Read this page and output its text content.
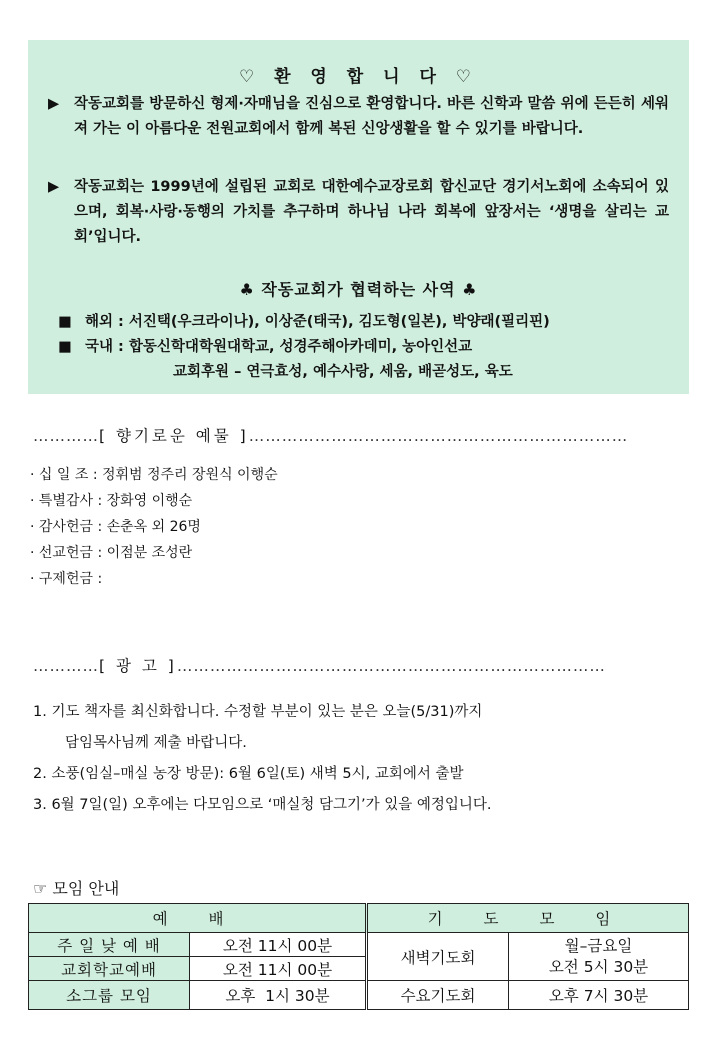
♡ 환 영 합 니 다 ♡
▶	작동교회를 방문하신 형제·자매님을 진심으로 환영합니다. 바른 신학과 말씀 위에 든든히 세워져 가는 이 아름다운 전원교회에서 함께 복된 신앙생활을 할 수 있기를 바랍니다.
▶	작동교회는 1999년에 설립된 교회로 대한예수교장로회 합신교단 경기서노회에 소속되어 있으며, 회복·사랑·동행의 가치를 추구하며 하나님 나라 회복에 앞장서는 ‘생명을 살리는 교회’입니다.
♣ 작동교회가 협력하는 사역 ♣
■ 해외 : 서진택(우크라이나), 이상준(태국), 김도형(일본), 박양래(필리핀)
■ 국내 : 합동신학대학원대학교, 성경주해아카데미, 농아인선교
교회후원 – 연극효성, 예수사랑, 세움, 배곧성도, 육도
…………[ 향기로운 예물 ]……………………………………………………………
· 십 일 조 : 정휘범 정주리 장원식 이행순
· 특별감사 : 장화영 이행순
· 감사헌금 : 손춘옥 외 26명
· 선교헌금 : 이점분 조성란
· 구제헌금 :
…………[ 광 고 ]……………………………………………………………………
1. 기도 책자를 최신화합니다. 수정할 부분이 있는 분은 오늘(5/31)까지
담임목사님께 제출 바랍니다.
2. 소풍(임실–매실 농장 방문): 6월 6일(토) 새벽 5시, 교회에서 출발
3. 6월 7일(일) 오후에는 다모임으로 ‘매실청 담그기’가 있을 예정입니다.
☞ 모임 안내
예 배		기 도 모 임	
주 일 낮 예 배	오전 11시 00분	새벽기도회	월–금요일
오전 5시 30분

교회학교예배	오전 11시 00분		
소그룹 모임	오후  1시 30분	수요기도회	오후 7시 30분
